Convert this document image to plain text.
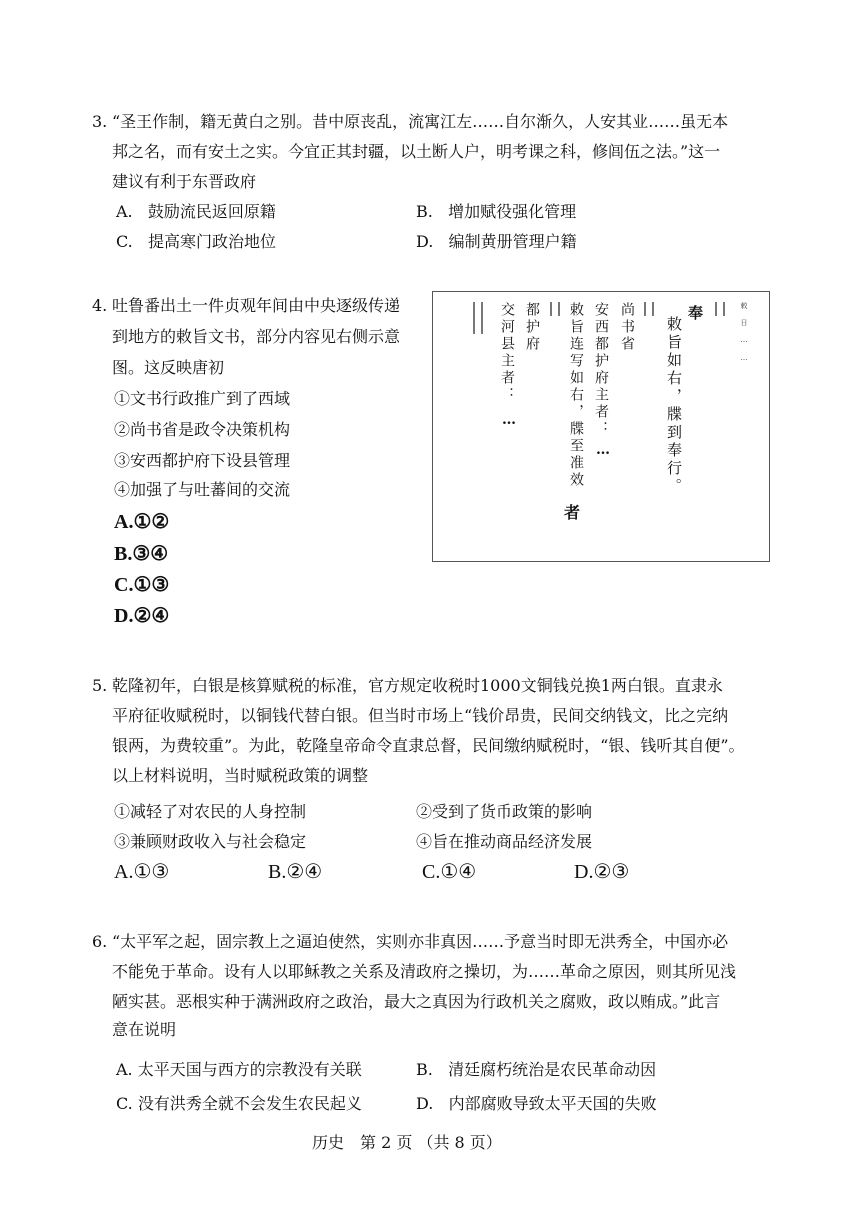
3. “圣王作制，籍无黄白之别。昔中原丧乱，流寓江左……自尔渐久，人安其业……虽无本
邦之名，而有安土之实。今宜正其封疆，以土断人户，明考课之科，修闾伍之法。”这一
建议有利于东晋政府
A. 鼓励流民返回原籍	B. 增加赋役强化管理
C. 提高寒门政治地位	D. 编制黄册管理户籍
4. 吐鲁番出土一件贞观年间由中央逐级传递
到地方的敕旨文书，部分内容见右侧示意
图。这反映唐初
①文书行政推广到了西域
②尚书省是政令决策机构
③安西都护府下设县管理
④加强了与吐蕃间的交流
A.①②
B.③④
C.①③
D.②④
交河县主者：
…
都护府 敕旨连写如右，牒至准效
者
安西都护府主者：
…
尚书省	奉
敕旨如右，牒到奉行。	敕 日 … …
5. 乾隆初年，白银是核算赋税的标准，官方规定收税时1000文铜钱兑换1两白银。直隶永
平府征收赋税时，以铜钱代替白银。但当时市场上“钱价昂贵，民间交纳钱文，比之完纳
银两，为费较重”。为此，乾隆皇帝命令直隶总督，民间缴纳赋税时，“银、钱听其自便”。
以上材料说明，当时赋税政策的调整
①减轻了对农民的人身控制	②受到了货币政策的影响
③兼顾财政收入与社会稳定	④旨在推动商品经济发展
A.①③	B.②④	C.①④	D.②③
6. “太平军之起，固宗教上之逼迫使然，实则亦非真因……予意当时即无洪秀全，中国亦必
不能免于革命。设有人以耶稣教之关系及清政府之操切，为……革命之原因，则其所见浅
陋实甚。恶根实种于满洲政府之政治，最大之真因为行政机关之腐败，政以贿成。”此言
意在说明
A. 太平天国与西方的宗教没有关联	B. 清廷腐朽统治是农民革命动因
C. 没有洪秀全就不会发生农民起义	D. 内部腐败导致太平天国的失败
历史　第 2 页 （共 8 页）
